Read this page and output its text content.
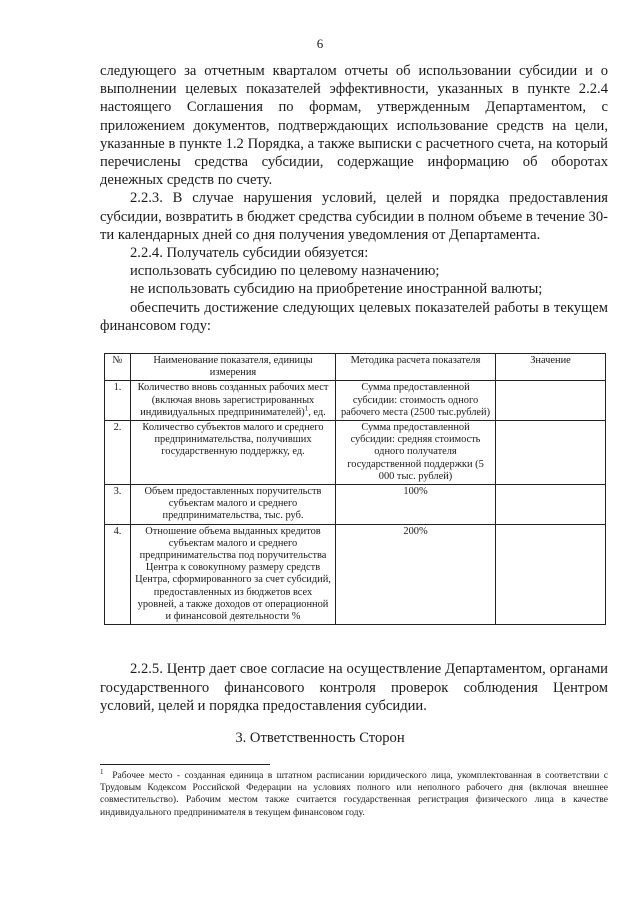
6

следующего за отчетным кварталом отчеты об использовании субсидии и о выполнении целевых показателей эффективности, указанных в пункте 2.2.4 настоящего Соглашения по формам, утвержденным Департаментом, с приложением документов, подтверждающих использование средств на цели, указанные в пункте 1.2 Порядка, а также выписки с расчетного счета, на который перечислены средства субсидии, содержащие информацию об оборотах денежных средств по счету.

2.2.3. В случае нарушения условий, целей и порядка предоставления субсидии, возвратить в бюджет средства субсидии в полном объеме в течение 30-ти календарных дней со дня получения уведомления от Департамента.

2.2.4. Получатель субсидии обязуется:

использовать субсидию по целевому назначению;

не использовать субсидию на приобретение иностранной валюты;

обеспечить достижение следующих целевых показателей работы в текущем финансовом году:

№	Наименование показателя, единицы измерения	Методика расчета показателя	Значение
1.	Количество вновь созданных рабочих мест (включая вновь зарегистрированных индивидуальных предпринимателей)$^1$, ед.	Сумма предоставленной субсидии: стоимость одного рабочего места (2500 тыс.рублей)	
2.	Количество субъектов малого и среднего предпринимательства, получивших государственную поддержку, ед.	Сумма предоставленной субсидии: средняя стоимость одного получателя государственной поддержки (5 000 тыс. рублей)	
3.	Объем предоставленных поручительств субъектам малого и среднего предпринимательства, тыс. руб.	100%	
4.	Отношение объема выданных кредитов субъектам малого и среднего предпринимательства под поручительства Центра к совокупному размеру средств Центра, сформированного за счет субсидий, предоставленных из бюджетов всех уровней, а также доходов от операционной и финансовой деятельности %	200%	

2.2.5. Центр дает свое согласие на осуществление Департаментом, органами государственного финансового контроля проверок соблюдения Центром условий, целей и порядка предоставления субсидии.

3. Ответственность Сторон
$^1$ Рабочее место - созданная единица в штатном расписании юридического лица, укомплектованная в соответствии с Трудовым Кодексом Российской Федерации на условиях полного или неполного рабочего дня (включая внешнее совместительство). Рабочим местом также считается государственная регистрация физического лица в качестве индивидуального предпринимателя в текущем финансовом году.
